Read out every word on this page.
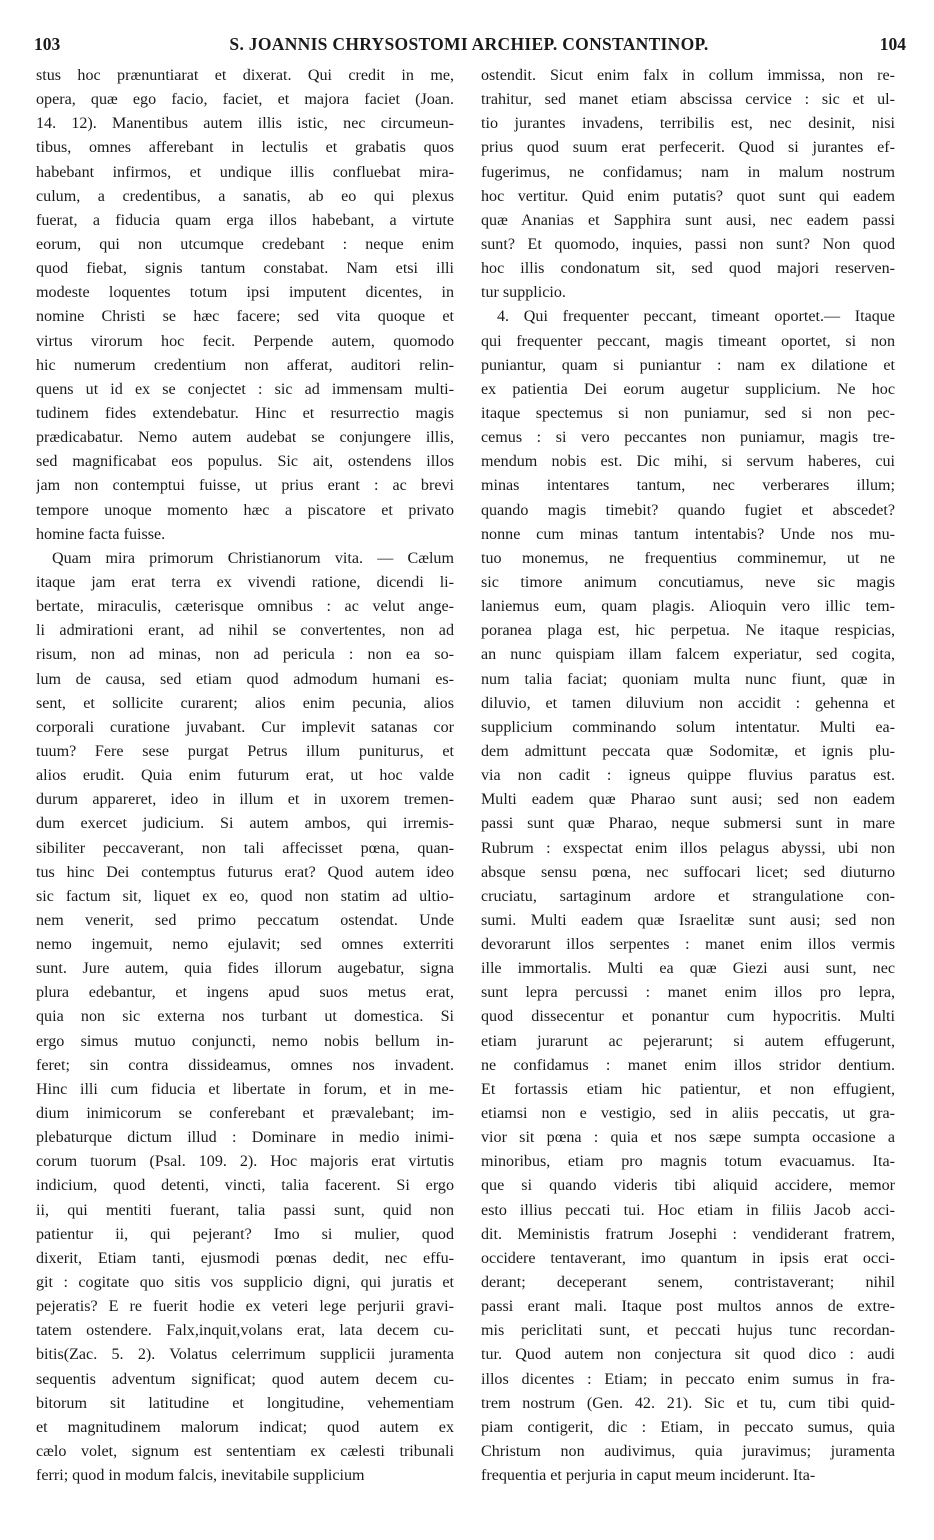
103	S. JOANNIS CHRYSOSTOMI ARCHIEP. CONSTANTINOP.	104
stus hoc prænuntiarat et dixerat. Qui credit in me,
opera, quæ ego facio, faciet, et majora faciet (Joan.
14. 12). Manentibus autem illis istic, nec circumeun-
tibus, omnes afferebant in lectulis et grabatis quos
habebant infirmos, et undique illis confluebat mira-
culum, a credentibus, a sanatis, ab eo qui plexus
fuerat, a fiducia quam erga illos habebant, a virtute
eorum, qui non utcumque credebant : neque enim
quod fiebat, signis tantum constabat. Nam etsi illi
modeste loquentes totum ipsi imputent dicentes, in
nomine Christi se hæc facere; sed vita quoque et
virtus virorum hoc fecit. Perpende autem, quomodo
hic numerum credentium non afferat, auditori relin-
quens ut id ex se conjectet : sic ad immensam multi-
tudinem fides extendebatur. Hinc et resurrectio magis
prædicabatur. Nemo autem audebat se conjungere illis,
sed magnificabat eos populus. Sic ait, ostendens illos
jam non contemptui fuisse, ut prius erant : ac brevi
tempore unoque momento hæc a piscatore et privato
homine facta fuisse.
Quam mira primorum Christianorum vita. — Cælum
itaque jam erat terra ex vivendi ratione, dicendi li-
bertate, miraculis, cæterisque omnibus : ac velut ange-
li admirationi erant, ad nihil se convertentes, non ad
risum, non ad minas, non ad pericula : non ea so-
lum de causa, sed etiam quod admodum humani es-
sent, et sollicite curarent; alios enim pecunia, alios
corporali curatione juvabant. Cur implevit satanas cor
tuum? Fere sese purgat Petrus illum puniturus, et
alios erudit. Quia enim futurum erat, ut hoc valde
durum appareret, ideo in illum et in uxorem tremen-
dum exercet judicium. Si autem ambos, qui irremis-
sibiliter peccaverant, non tali affecisset pœna, quan-
tus hinc Dei contemptus futurus erat? Quod autem ideo
sic factum sit, liquet ex eo, quod non statim ad ultio-
nem venerit, sed primo peccatum ostendat. Unde
nemo ingemuit, nemo ejulavit; sed omnes exterriti
sunt. Jure autem, quia fides illorum augebatur, signa
plura edebantur, et ingens apud suos metus erat,
quia non sic externa nos turbant ut domestica. Si
ergo simus mutuo conjuncti, nemo nobis bellum in-
feret; sin contra dissideamus, omnes nos invadent.
Hinc illi cum fiducia et libertate in forum, et in me-
dium inimicorum se conferebant et prævalebant; im-
plebaturque dictum illud : Dominare in medio inimi-
corum tuorum (Psal. 109. 2). Hoc majoris erat virtutis
indicium, quod detenti, vincti, talia facerent. Si ergo
ii, qui mentiti fuerant, talia passi sunt, quid non
patientur ii, qui pejerant? Imo si mulier, quod
dixerit, Etiam tanti, ejusmodi pœnas dedit, nec effu-
git : cogitate quo sitis vos supplicio digni, qui juratis et
pejeratis? E re fuerit hodie ex veteri lege perjurii gravi-
tatem ostendere. Falx,inquit,volans erat, lata decem cu-
bitis(Zac. 5. 2). Volatus celerrimum supplicii juramenta
sequentis adventum significat; quod autem decem cu-
bitorum sit latitudine et longitudine, vehementiam
et magnitudinem malorum indicat; quod autem ex
cælo volet, signum est sententiam ex cælesti tribunali
ferri; quod in modum falcis, inevitabile supplicium
ostendit. Sicut enim falx in collum immissa, non re-
trahitur, sed manet etiam abscissa cervice : sic et ul-
tio jurantes invadens, terribilis est, nec desinit, nisi
prius quod suum erat perfecerit. Quod si jurantes ef-
fugerimus, ne confidamus; nam in malum nostrum
hoc vertitur. Quid enim putatis? quot sunt qui eadem
quæ Ananias et Sapphira sunt ausi, nec eadem passi
sunt? Et quomodo, inquies, passi non sunt? Non quod
hoc illis condonatum sit, sed quod majori reserven-
tur supplicio.
4. Qui frequenter peccant, timeant oportet.— Itaque
qui frequenter peccant, magis timeant oportet, si non
puniantur, quam si puniantur : nam ex dilatione et
ex patientia Dei eorum augetur supplicium. Ne hoc
itaque spectemus si non puniamur, sed si non pec-
cemus : si vero peccantes non puniamur, magis tre-
mendum nobis est. Dic mihi, si servum haberes, cui
minas intentares tantum, nec verberares illum;
quando magis timebit? quando fugiet et abscedet?
nonne cum minas tantum intentabis? Unde nos mu-
tuo monemus, ne frequentius comminemur, ut ne
sic timore animum concutiamus, neve sic magis
laniemus eum, quam plagis. Alioquin vero illic tem-
poranea plaga est, hic perpetua. Ne itaque respicias,
an nunc quispiam illam falcem experiatur, sed cogita,
num talia faciat; quoniam multa nunc fiunt, quæ in
diluvio, et tamen diluvium non accidit : gehenna et
supplicium comminando solum intentatur. Multi ea-
dem admittunt peccata quæ Sodomitæ, et ignis plu-
via non cadit : igneus quippe fluvius paratus est.
Multi eadem quæ Pharao sunt ausi; sed non eadem
passi sunt quæ Pharao, neque submersi sunt in mare
Rubrum : exspectat enim illos pelagus abyssi, ubi non
absque sensu pœna, nec suffocari licet; sed diuturno
cruciatu, sartaginum ardore et strangulatione con-
sumi. Multi eadem quæ Israelitæ sunt ausi; sed non
devorarunt illos serpentes : manet enim illos vermis
ille immortalis. Multi ea quæ Giezi ausi sunt, nec
sunt lepra percussi : manet enim illos pro lepra,
quod dissecentur et ponantur cum hypocritis. Multi
etiam jurarunt ac pejerarunt; si autem effugerunt,
ne confidamus : manet enim illos stridor dentium.
Et fortassis etiam hic patientur, et non effugient,
etiamsi non e vestigio, sed in aliis peccatis, ut gra-
vior sit pœna : quia et nos sæpe sumpta occasione a
minoribus, etiam pro magnis totum evacuamus. Ita-
que si quando videris tibi aliquid accidere, memor
esto illius peccati tui. Hoc etiam in filiis Jacob acci-
dit. Meministis fratrum Josephi : vendiderant fratrem,
occidere tentaverant, imo quantum in ipsis erat occi-
derant; deceperant senem, contristaverant; nihil
passi erant mali. Itaque post multos annos de extre-
mis periclitati sunt, et peccati hujus tunc recordan-
tur. Quod autem non conjectura sit quod dico : audi
illos dicentes : Etiam; in peccato enim sumus in fra-
trem nostrum (Gen. 42. 21). Sic et tu, cum tibi quid-
piam contigerit, dic : Etiam, in peccato sumus, quia
Christum non audivimus, quia juravimus; juramenta
frequentia et perjuria in caput meum inciderunt. Ita-
